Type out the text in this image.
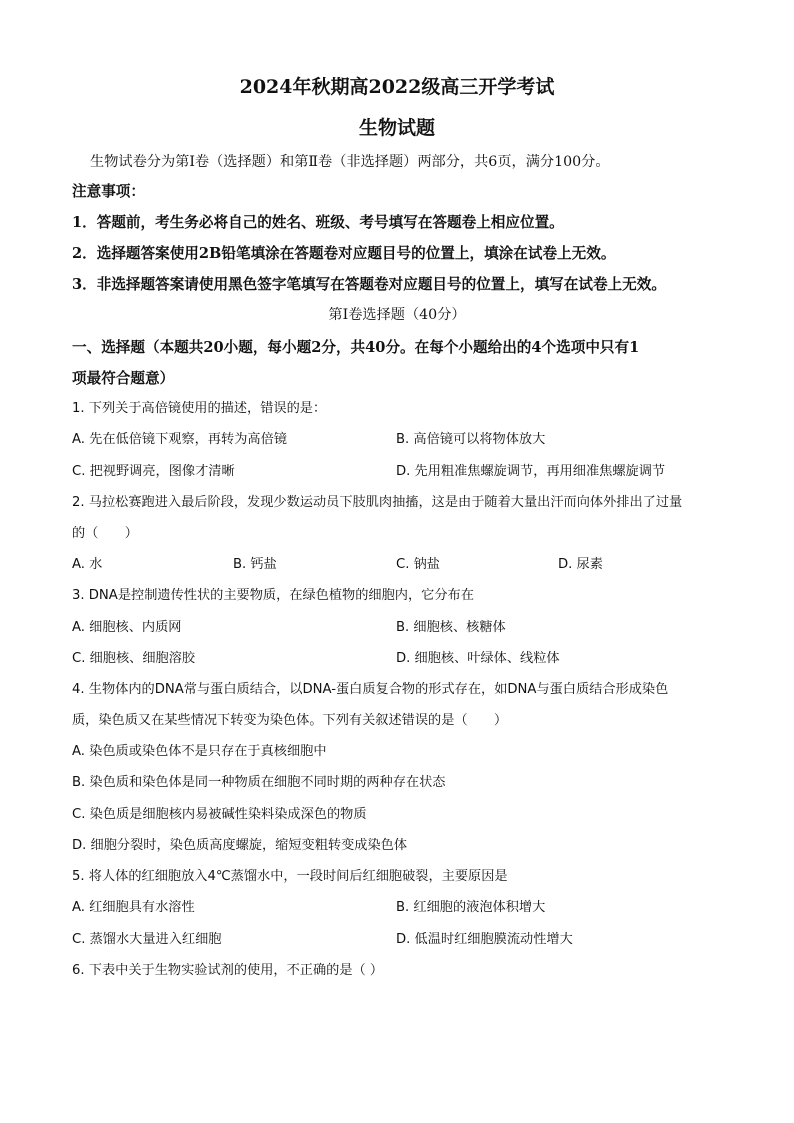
2024年秋期高2022级高三开学考试
生物试题
生物试卷分为第Ⅰ卷（选择题）和第Ⅱ卷（非选择题）两部分，共6页，满分100分。
注意事项：
1．答题前，考生务必将自己的姓名、班级、考号填写在答题卷上相应位置。
2．选择题答案使用2B铅笔填涂在答题卷对应题目号的位置上，填涂在试卷上无效。
3．非选择题答案请使用黑色签字笔填写在答题卷对应题目号的位置上，填写在试卷上无效。
第Ⅰ卷选择题（40分）
一、选择题（本题共20小题，每小题2分，共40分。在每个小题给出的4个选项中只有1
项最符合题意）
1. 下列关于高倍镜使用的描述，错误的是：
A. 先在低倍镜下观察，再转为高倍镜	B. 高倍镜可以将物体放大
C. 把视野调亮，图像才清晰	D. 先用粗准焦螺旋调节，再用细准焦螺旋调节
2. 马拉松赛跑进入最后阶段，发现少数运动员下肢肌肉抽搐，这是由于随着大量出汗而向体外排出了过量
的（　　）
A. 水	B. 钙盐	C. 钠盐	D. 尿素
3. DNA是控制遗传性状的主要物质，在绿色植物的细胞内，它分布在
A. 细胞核、内质网	B. 细胞核、核糖体
C. 细胞核、细胞溶胶	D. 细胞核、叶绿体、线粒体
4. 生物体内的DNA常与蛋白质结合，以DNA-蛋白质复合物的形式存在，如DNA与蛋白质结合形成染色
质，染色质又在某些情况下转变为染色体。下列有关叙述错误的是（　　）
A. 染色质或染色体不是只存在于真核细胞中
B. 染色质和染色体是同一种物质在细胞不同时期的两种存在状态
C. 染色质是细胞核内易被碱性染料染成深色的物质
D. 细胞分裂时，染色质高度螺旋，缩短变粗转变成染色体
5. 将人体的红细胞放入4℃蒸馏水中，一段时间后红细胞破裂，主要原因是
A. 红细胞具有水溶性	B. 红细胞的液泡体积增大
C. 蒸馏水大量进入红细胞	D. 低温时红细胞膜流动性增大
6. 下表中关于生物实验试剂的使用，不正确的是（ ）
